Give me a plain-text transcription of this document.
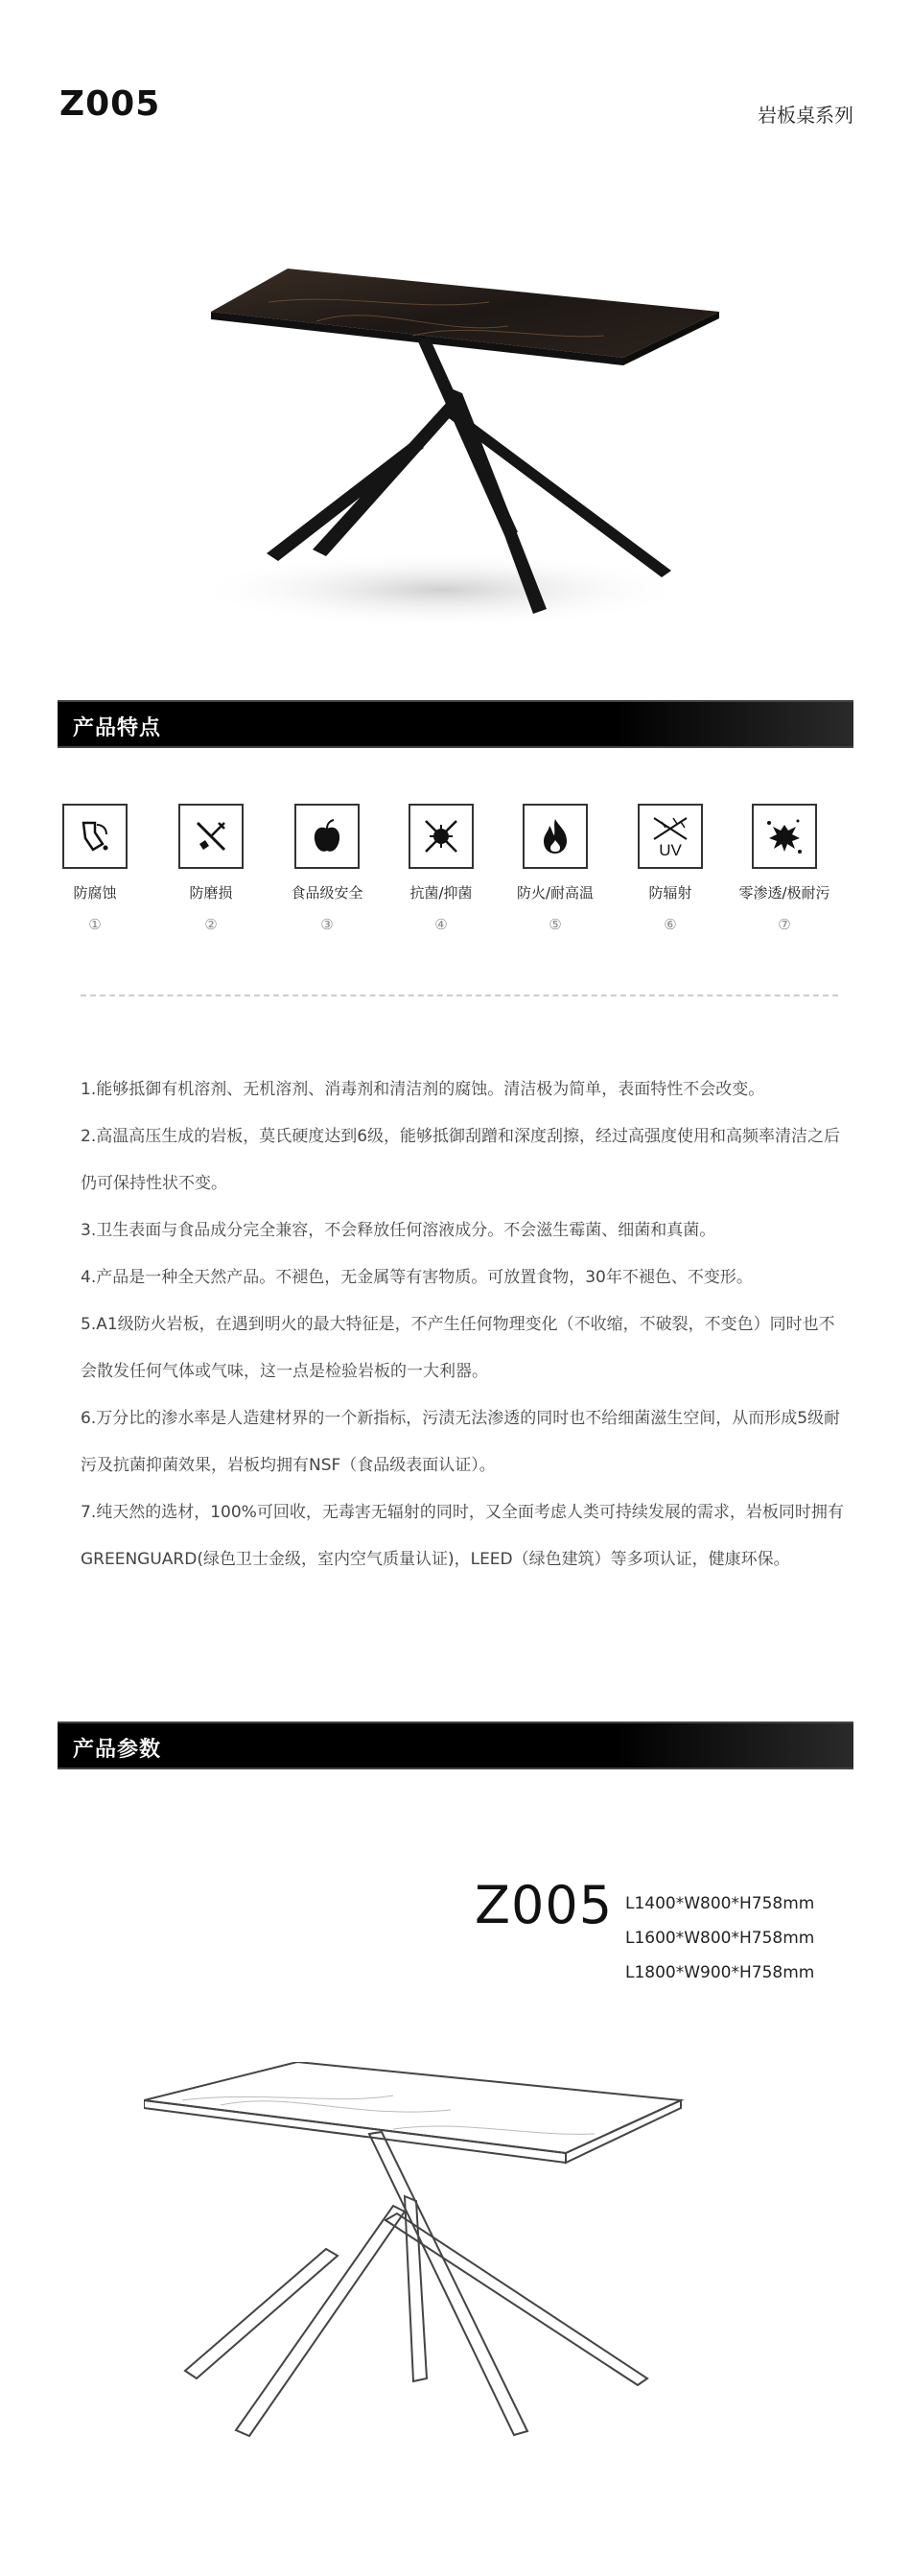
Z005	岩板桌系列
产品特点
防腐蚀
①
防磨损
②
食品级安全
③
抗菌/抑菌
④
防火/耐高温
⑤
UV
防辐射
⑥
零渗透/极耐污
⑦

1.能够抵御有机溶剂、无机溶剂、消毒剂和清洁剂的腐蚀。清洁极为简单，表面特性不会改变。

2.高温高压生成的岩板，莫氏硬度达到6级，能够抵御刮蹭和深度刮擦，经过高强度使用和高频率清洁之后仍可保持性状不变。

3.卫生表面与食品成分完全兼容，不会释放任何溶液成分。不会滋生霉菌、细菌和真菌。

4.产品是一种全天然产品。不褪色，无金属等有害物质。可放置食物，30年不褪色、不变形。

5.A1级防火岩板，在遇到明火的最大特征是，不产生任何物理变化（不收缩，不破裂，不变色）同时也不会散发任何气体或气味，这一点是检验岩板的一大利器。

6.万分比的渗水率是人造建材界的一个新指标，污渍无法渗透的同时也不给细菌滋生空间，从而形成5级耐污及抗菌抑菌效果，岩板均拥有NSF（食品级表面认证）。

7.纯天然的选材，100%可回收，无毒害无辐射的同时，又全面考虑人类可持续发展的需求，岩板同时拥有GREENGUARD(绿色卫士金级，室内空气质量认证)，LEED（绿色建筑）等多项认证，健康环保。

产品参数
Z005 L1400*W800*H758mm
L1600*W800*H758mm
L1800*W900*H758mm
